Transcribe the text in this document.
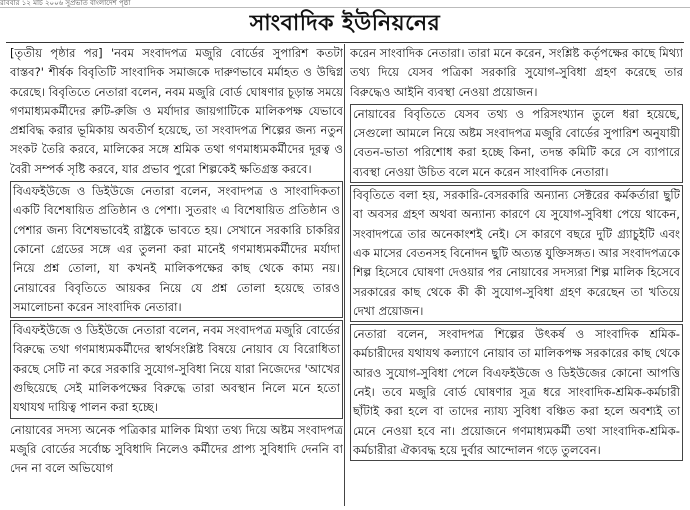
রবিবার ১২ মার্চ ২০০৬ সুপ্রভাত বাংলাদেশ পৃষ্ঠা
সাংবাদিক ইউনিয়নের

[তৃতীয় পৃষ্ঠার পর] 'নবম সংবাদপত্র মজুরি বোর্ডের সুপারিশ কতটা বাস্তব?' শীর্ষক বিবৃতিটি সাংবাদিক সমাজকে দারুণভাবে মর্মাহত ও উদ্বিগ্ন করেছে। বিবৃতিতে নেতারা বলেন, নবম মজুরি বোর্ড ঘোষণার চূড়ান্ত সময়ে গণমাধ্যমকর্মীদের রুটি-রুজি ও মর্যাদার জায়গাটিকে মালিকপক্ষ যেভাবে প্রশ্নবিদ্ধ করার ভূমিকায় অবতীর্ণ হয়েছে, তা সংবাদপত্র শিল্পের জন্য নতুন সংকট তৈরি করবে, মালিকের সঙ্গে শ্রমিক তথা গণমাধ্যমকর্মীদের দূরত্ব ও বৈরী সম্পর্ক সৃষ্টি করবে, যার প্রভাব পুরো শিল্পকেই ক্ষতিগ্রস্ত করবে।

বিএফইউজে ও ডিইউজে নেতারা বলেন, সংবাদপত্র ও সাংবাদিকতা একটি বিশেষায়িত প্রতিষ্ঠান ও পেশা। সুতরাং এ বিশেষায়িত প্রতিষ্ঠান ও পেশার জন্য বিশেষভাবেই রাষ্ট্রকে ভাবতে হয়। সেখানে সরকারি চাকরির কোনো গ্রেডের সঙ্গে এর তুলনা করা মানেই গণমাধ্যমকর্মীদের মর্যাদা নিয়ে প্রশ্ন তোলা, যা কখনই মালিকপক্ষের কাছ থেকে কাম্য নয়। নোয়াবের বিবৃতিতে আয়কর নিয়ে যে প্রশ্ন তোলা হয়েছে তারও সমালোচনা করেন সাংবাদিক নেতারা।

বিএফইউজে ও ডিইউজে নেতারা বলেন, নবম সংবাদপত্র মজুরি বোর্ডের বিরুদ্ধে তথা গণমাধ্যমকর্মীদের স্বার্থসংশ্লিষ্ট বিষয়ে নোয়াব যে বিরোধিতা করছে সেটি না করে সরকারি সুযোগ-সুবিধা নিয়ে যারা নিজেদের 'আখের গুছিয়েছে সেই মালিকপক্ষের বিরুদ্ধে তারা অবস্থান নিলে মনে হতো যথাযথ দায়িত্ব পালন করা হচ্ছে।

নোয়াবের সদস্য অনেক পত্রিকার মালিক মিথ্যা তথ্য দিয়ে অষ্টম সংবাদপত্র মজুরি বোর্ডের সর্বোচ্চ সুবিধাদি নিলেও কর্মীদের প্রাপ্য সুবিধাদি দেননি বা দেন না বলে অভিযোগ

করেন সাংবাদিক নেতারা। তারা মনে করেন, সংশ্লিষ্ট কর্তৃপক্ষের কাছে মিথ্যা তথ্য দিয়ে যেসব পত্রিকা সরকারি সুযোগ-সুবিধা গ্রহণ করেছে তার বিরুদ্ধেও আইনি ব্যবস্থা নেওয়া প্রয়োজন।

নোয়াবের বিবৃতিতে যেসব তথ্য ও পরিসংখ্যান তুলে ধরা হয়েছে, সেগুলো আমলে নিয়ে অষ্টম সংবাদপত্র মজুরি বোর্ডের সুপারিশ অনুযায়ী বেতন-ভাতা পরিশোধ করা হচ্ছে কিনা, তদন্ত কমিটি করে সে ব্যাপারে ব্যবস্থা নেওয়া উচিত বলে মনে করেন সাংবাদিক নেতারা।

বিবৃতিতে বলা হয়, সরকারি-বেসরকারি অন্যান্য সেক্টরের কর্মকর্তারা ছুটি বা অবসর গ্রহণ অথবা অন্যান্য কারণে যে সুযোগ-সুবিধা পেয়ে থাকেন, সংবাদপত্রে তার অনেকাংশই নেই। সে কারণে বছরে দুটি গ্র্যাচুইটি এবং এক মাসের বেতনসহ বিনোদন ছুটি অত্যন্ত যুক্তিসঙ্গত। আর সংবাদপত্রকে শিল্প হিসেবে ঘোষণা দেওয়ার পর নোয়াবের সদস্যরা শিল্প মালিক হিসেবে সরকারের কাছ থেকে কী কী সুযোগ-সুবিধা গ্রহণ করেছেন তা খতিয়ে দেখা প্রয়োজন।

নেতারা বলেন, সংবাদপত্র শিল্পের উৎকর্ষ ও সাংবাদিক শ্রমিক-কর্মচারীদের যথাযথ কল্যাণে নোয়াব তা মালিকপক্ষ সরকারের কাছ থেকে আরও সুযোগ-সুবিধা পেলে বিএফইউজে ও ডিইউজের কোনো আপত্তি নেই। তবে মজুরি বোর্ড ঘোষণার সূত্র ধরে সাংবাদিক-শ্রমিক-কর্মচারী ছাঁটাই করা হলে বা তাদের ন্যায্য সুবিধা বঞ্চিত করা হলে অবশ্যই তা মেনে নেওয়া হবে না। প্রয়োজনে গণমাধ্যমকর্মী তথা সাংবাদিক-শ্রমিক-কর্মচারীরা ঐক্যবদ্ধ হয়ে দুর্বার আন্দোলন গড়ে তুলবেন।
